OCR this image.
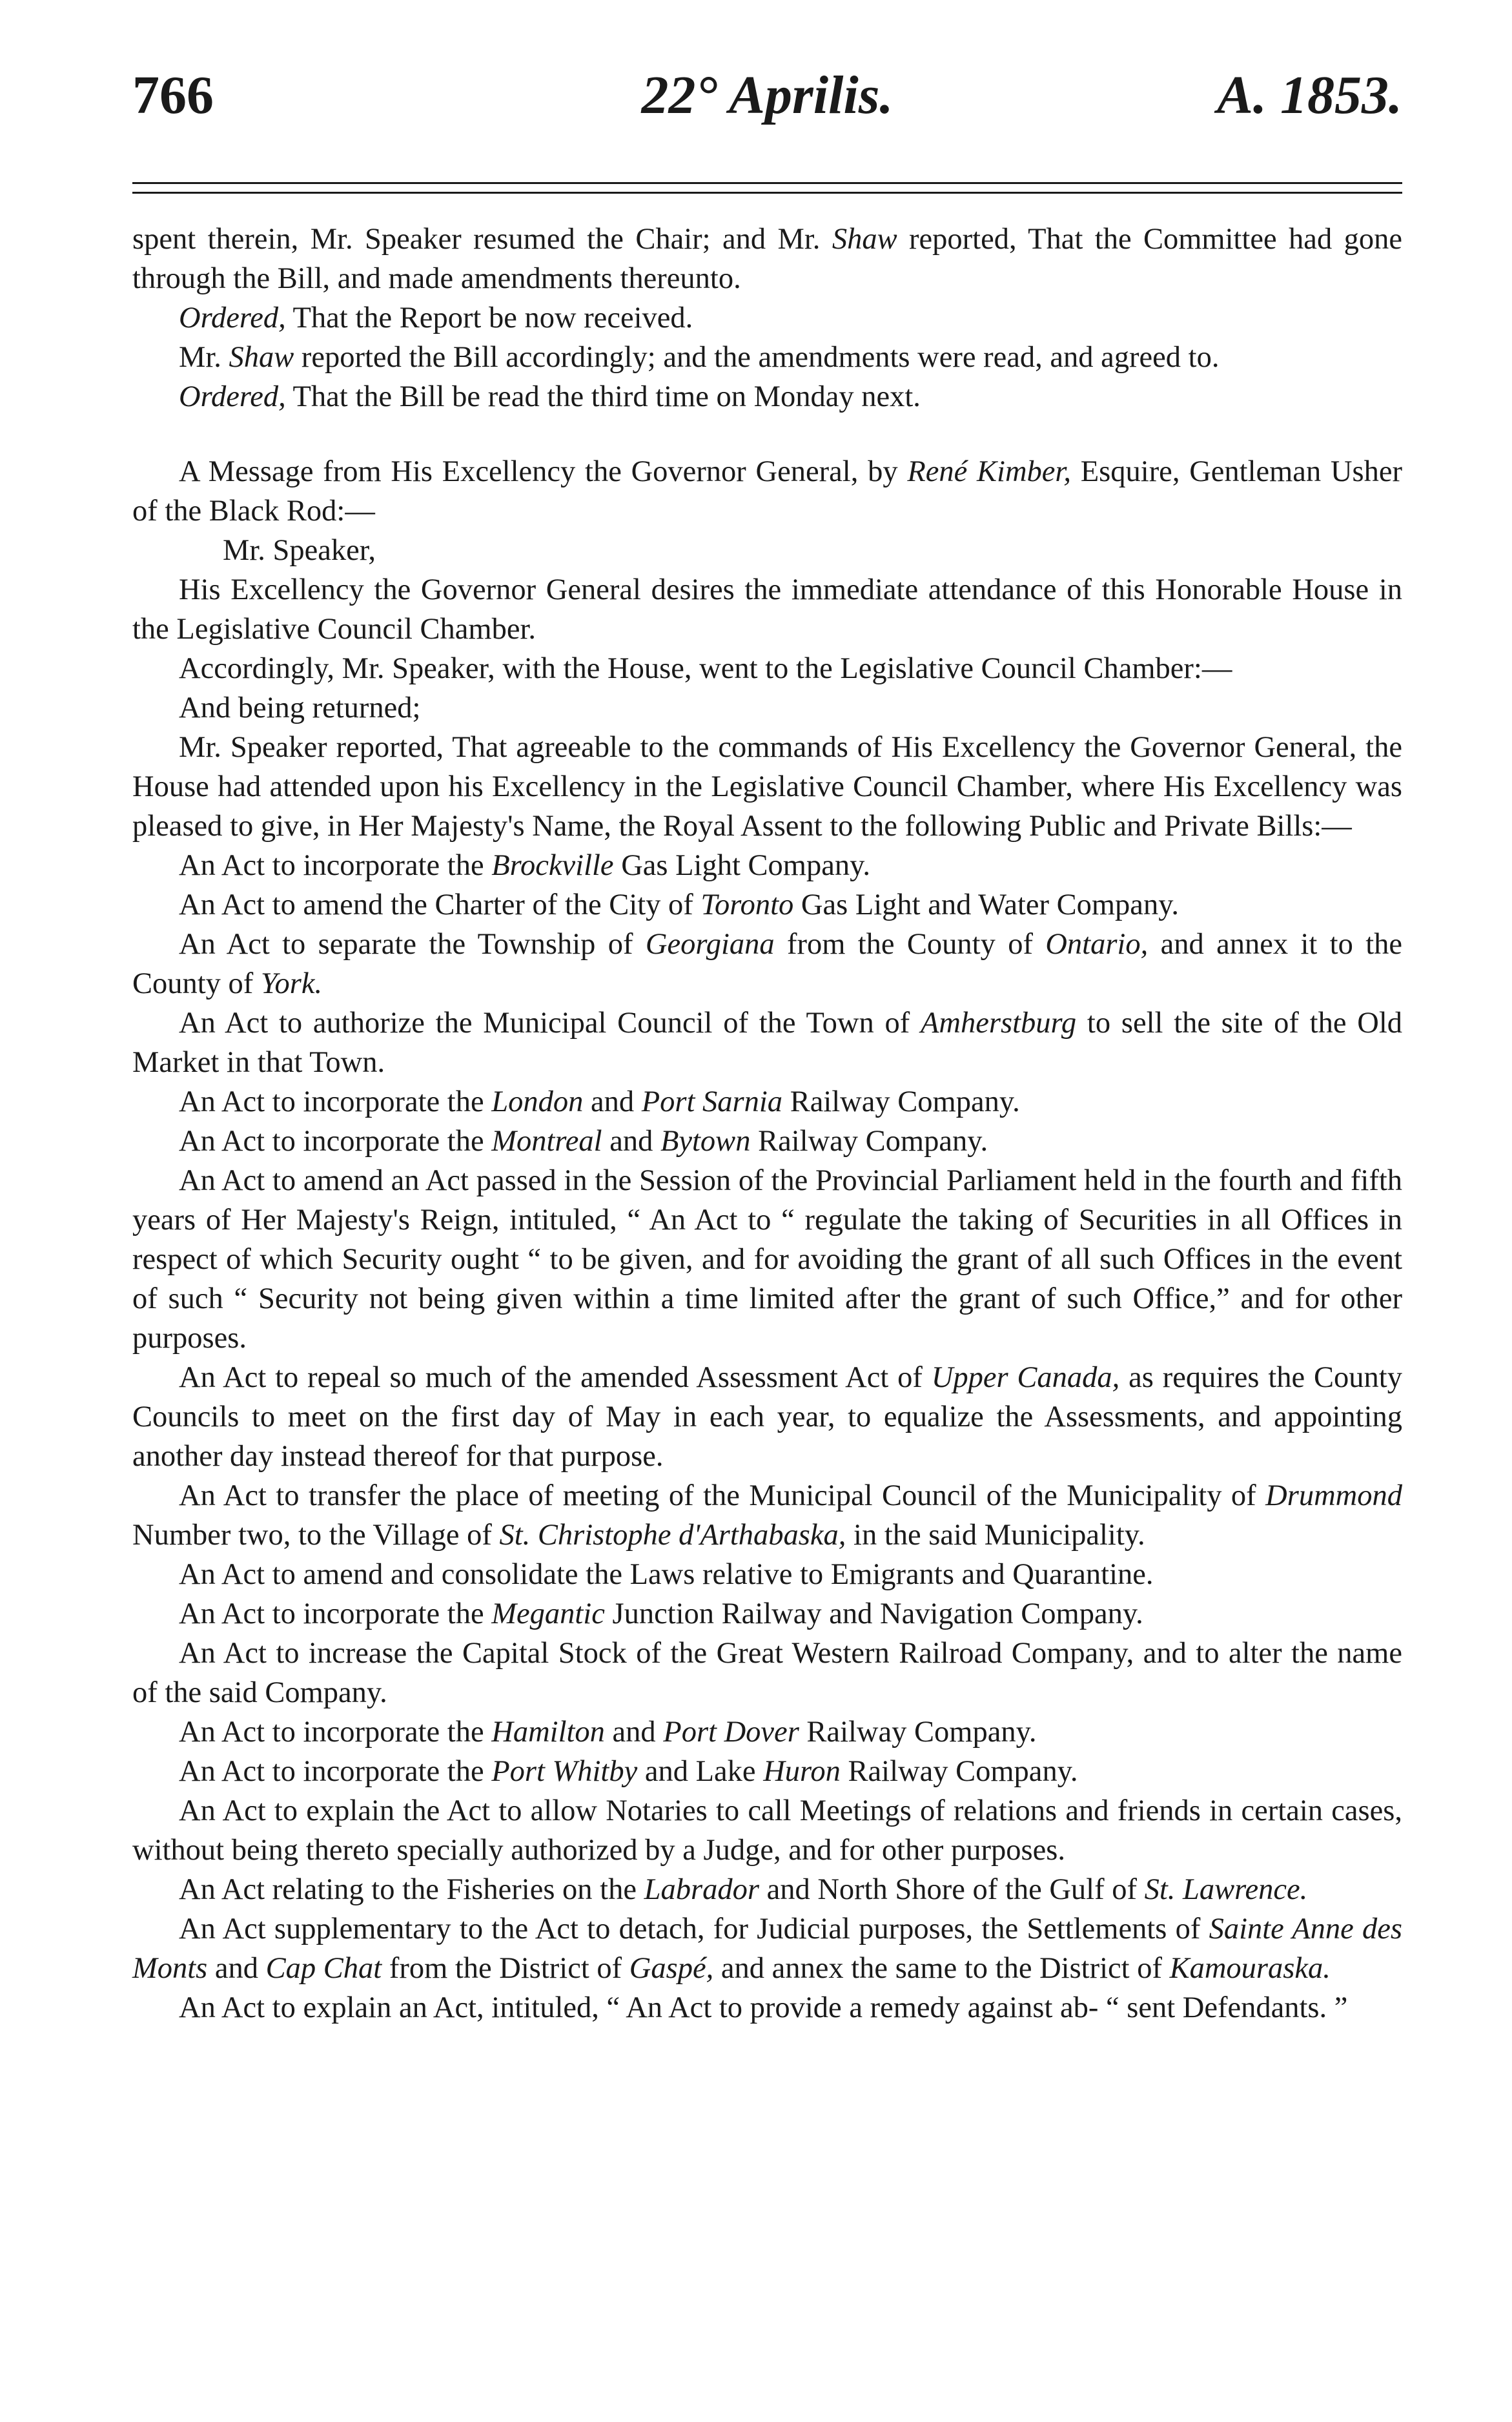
766	22° Aprilis.	A. 1853.

spent therein, Mr. Speaker resumed the Chair; and Mr. Shaw reported, That the Committee had gone through the Bill, and made amendments thereunto.

Ordered, That the Report be now received.

Mr. Shaw reported the Bill accordingly; and the amendments were read, and agreed to.

Ordered, That the Bill be read the third time on Monday next.

A Message from His Excellency the Governor General, by René Kimber, Esquire, Gentleman Usher of the Black Rod:—

Mr. Speaker,

His Excellency the Governor General desires the immediate attendance of this Honorable House in the Legislative Council Chamber.

Accordingly, Mr. Speaker, with the House, went to the Legislative Council Chamber:—

And being returned;

Mr. Speaker reported, That agreeable to the commands of His Excellency the Governor General, the House had attended upon his Excellency in the Legislative Council Chamber, where His Excellency was pleased to give, in Her Majesty's Name, the Royal Assent to the following Public and Private Bills:—

An Act to incorporate the Brockville Gas Light Company.

An Act to amend the Charter of the City of Toronto Gas Light and Water Company.

An Act to separate the Township of Georgiana from the County of Ontario, and annex it to the County of York.

An Act to authorize the Municipal Council of the Town of Amherstburg to sell the site of the Old Market in that Town.

An Act to incorporate the London and Port Sarnia Railway Company.

An Act to incorporate the Montreal and Bytown Railway Company.

An Act to amend an Act passed in the Session of the Provincial Parliament held in the fourth and fifth years of Her Majesty's Reign, intituled, “ An Act to “ regulate the taking of Securities in all Offices in respect of which Security ought “ to be given, and for avoiding the grant of all such Offices in the event of such “ Security not being given within a time limited after the grant of such Office,” and for other purposes.

An Act to repeal so much of the amended Assessment Act of Upper Canada, as requires the County Councils to meet on the first day of May in each year, to equalize the Assessments, and appointing another day instead thereof for that purpose.

An Act to transfer the place of meeting of the Municipal Council of the Municipality of Drummond Number two, to the Village of St. Christophe d'Arthabaska, in the said Municipality.

An Act to amend and consolidate the Laws relative to Emigrants and Quarantine.

An Act to incorporate the Megantic Junction Railway and Navigation Company.

An Act to increase the Capital Stock of the Great Western Railroad Company, and to alter the name of the said Company.

An Act to incorporate the Hamilton and Port Dover Railway Company.

An Act to incorporate the Port Whitby and Lake Huron Railway Company.

An Act to explain the Act to allow Notaries to call Meetings of relations and friends in certain cases, without being thereto specially authorized by a Judge, and for other purposes.

An Act relating to the Fisheries on the Labrador and North Shore of the Gulf of St. Lawrence.

An Act supplementary to the Act to detach, for Judicial purposes, the Settlements of Sainte Anne des Monts and Cap Chat from the District of Gaspé, and annex the same to the District of Kamouraska.

An Act to explain an Act, intituled, “ An Act to provide a remedy against ab- “ sent Defendants. ”
